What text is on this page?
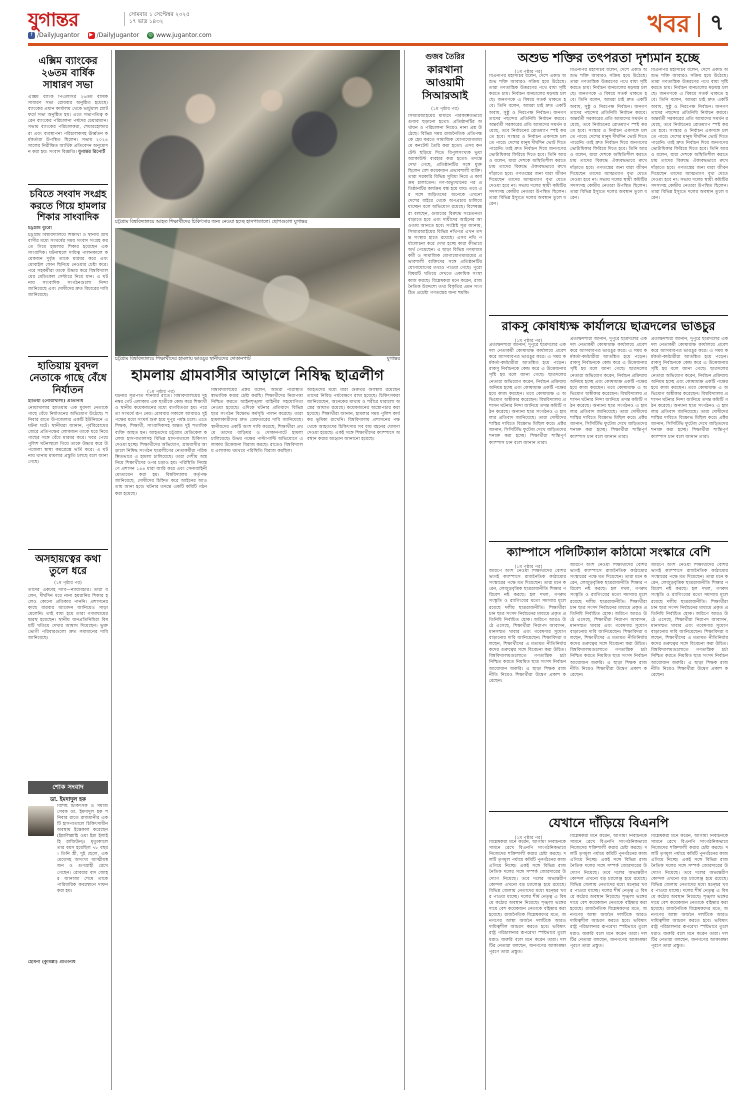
যুগান্তর	সোমবার ১ সেপ্টেম্বর ২০২৫
১৭ ভাদ্র ১৪৩২
f /DailyJugantor	▶ /DailyJugantor ◎ www.jugantor.com	খবর ৭
এক্সিম ব্যাংকের ২৬তম বার্ষিক সাধারণ সভা
এক্সিম ব্যাংক পিএলসির ২৬তম বার্ষিক সাধারণ সভা রোববার অনুষ্ঠিত হয়েছে। ব্যাংকের প্রধান কার্যালয় থেকে ভার্চুয়াল প্ল্যাটফর্মে সভা অনুষ্ঠিত হয়। এতে সভাপতিত্ব করেন ব্যাংকের পরিচালনা পর্ষদের চেয়ারম্যান। সভায় ব্যাংকের পরিচালকরা, শেয়ারহোল্ডাররা এবং ব্যবস্থাপনা পরিচালকসহ ঊর্ধ্বতন কর্মকর্তারা উপস্থিত ছিলেন। সভায় ২০২৪ সালের নিরীক্ষিত আর্থিক প্রতিবেদন অনুমোদন করা হয়। সংবাদ বিজ্ঞপ্তি। যুগান্তর রিপোর্ট
চবিতে সংবাদ সংগ্রহ করতে গিয়ে হামলার শিকার সাংবাদিক
চট্টগ্রাম ব্যুরো
চট্টগ্রাম বিশ্ববিদ্যালয়ে শিক্ষার্থী ও স্থানীয় গ্রামবাসীর মধ্যে সংঘর্ষের সময় সংবাদ সংগ্রহ করতে গিয়ে হামলার শিকার হয়েছেন এক সাংবাদিক। ঘটনাস্থলে দায়িত্ব পালনকালে কয়েকজন দুর্বৃত্ত তাকে মারধর করে এবং মোবাইল ফোন ছিনিয়ে নেওয়ার চেষ্টা করে। পরে সহকর্মীরা তাকে উদ্ধার করে বিশ্ববিদ্যালয়ের মেডিকেল সেন্টারে নিয়ে যান। এ ঘটনায় সাংবাদিক সংগঠনগুলো নিন্দা জানিয়েছে এবং দোষীদের দ্রুত বিচারের দাবি জানিয়েছে।
হাতিয়ায় যুবদল নেতাকে গাছে বেঁধে নির্যাতন
হাতিয়া (নোয়াখালী) প্রতিনিধি
নোয়াখালীর হাতিয়ায় এক যুবদল নেতাকে গাছে বেঁধে নির্যাতনের অভিযোগ উঠেছে। শনিবার রাতে উপজেলার একটি ইউনিয়নে এ ঘটনা ঘটে। স্থানীয়রা জানান, পূর্ববিরোধের জেরে প্রতিপক্ষের লোকজন তাকে ধরে নিয়ে গাছের সঙ্গে বেঁধে মারধর করে। খবর পেয়ে পুলিশ ঘটনাস্থলে গিয়ে তাকে উদ্ধার করে উপজেলা স্বাস্থ্য কমপ্লেক্সে ভর্তি করে। এ ঘটনায় থানায় মামলার প্রস্তুতি চলছে বলে জানা গেছে।
অসহায়ত্বের কথা তুলে ধরে
(১ম পৃষ্ঠার পর)
তাদের একটাই দাবি—ন্যায়বিচার। তারা বলেন, দীর্ঘদিন ধরে নানা হয়রানির শিকার হলেও কোনো প্রতিকার পাননি। প্রশাসনের কাছে বারবার আবেদন জানিয়েও সাড়া মেলেনি। তাই বাধ্য হয়ে তারা গণমাধ্যমের দ্বারস্থ হয়েছেন। স্থানীয় জনপ্রতিনিধিরা বিষয়টি খতিয়ে দেখার আশ্বাস দিয়েছেন। ভুক্তভোগী পরিবারগুলো দ্রুত সমাধানের দাবি জানিয়েছে।
শোক সংবাদ
ডা. ইমদাদুল হক
বিশিষ্ট চিকিৎসক ও সমাজসেবক ডা. ইমদাদুল হক শনিবার রাতে রাজধানীর একটি হাসপাতালে চিকিৎসাধীন অবস্থায় ইন্তেকাল করেছেন (ইন্নালিল্লাহি ওয়া ইন্না ইলাইহি রাজিউন)। মৃত্যুকালে তার বয়স হয়েছিল ৭৮ বছর। তিনি স্ত্রী, দুই ছেলে, এক মেয়েসহ অসংখ্য আত্মীয়স্বজন ও গুণগ্রাহী রেখে গেছেন। রোববার বাদ জোহর জানাজা শেষে তাকে পারিবারিক কবরস্থানে দাফন করা হয়।
হোমনা (কুমিল্লা) প্রতিনিধি
চট্টগ্রাম বিশ্ববিদ্যালয়ে আহত শিক্ষার্থীদের চিকিৎসার জন্য নেওয়া হচ্ছে হাসপাতালে। ছোপগুলো যুগান্তর
চট্টগ্রাম বিশ্ববিদ্যালয়ে শিক্ষার্থীদের হামলায় ভাঙচুর স্থানীয়দের দোকানপাট	যুগান্তর
হামলায় গ্রামবাসীর আড়ালে নিষিদ্ধ ছাত্রলীগ
(১ম পৃষ্ঠার পর)
ঘটনার সূত্রপাত শনিবার রাতে। বিশ্ববিদ্যালয়ের দুই নম্বর গেট এলাকায় এক ছাত্রীকে কেন্দ্র করে শিক্ষার্থী ও স্থানীয় কয়েকজনের মধ্যে বাগবিতণ্ডা হয়। পরে তা সংঘর্ষে রূপ নেয়। রোববার সকালে আবারও দুই পক্ষের মধ্যে সংঘর্ষ শুরু হয়ে দুপুর পর্যন্ত চলে। এতে শিক্ষক, শিক্ষার্থী, সাংবাদিকসহ অন্তত দুই শতাধিক ব্যক্তি আহত হন। আহতদের চট্টগ্রাম মেডিকেল কলেজ হাসপাতালসহ বিভিন্ন হাসপাতালে চিকিৎসা দেওয়া হচ্ছে। শিক্ষার্থীদের অভিযোগ, গ্রামবাসীর আড়ালে নিষিদ্ধ সংগঠন ছাত্রলীগের নেতাকর্মীরা পরিকল্পিতভাবে এ হামলা চালিয়েছে। তারা দেশীয় অস্ত্র নিয়ে শিক্ষার্থীদের ওপর চড়াও হয়। পরিস্থিতি নিয়ন্ত্রণে প্রশাসন ১৪৪ ধারা জারি করে এবং সেনাবাহিনী মোতায়েন করা হয়। বিশ্ববিদ্যালয় কর্তৃপক্ষ জানিয়েছে, দোষীদের চিহ্নিত করে আইনের আওতায় আনা হবে। ঘটনার তদন্তে একটি কমিটি গঠন করা হয়েছে।
বিশ্ববিদ্যালয়ের প্রক্টর বলেন, আমরা পরিস্থিতি স্বাভাবিক করার চেষ্টা করছি। শিক্ষার্থীদের নিরাপত্তা নিশ্চিত করতে আইনশৃঙ্খলা বাহিনীর সহযোগিতা নেওয়া হয়েছে। এদিকে ঘটনার প্রতিবাদে বিভিন্ন ছাত্র সংগঠন বিক্ষোভ কর্মসূচি পালন করেছে। তারা হামলাকারীদের দ্রুত গ্রেফতারের দাবি জানিয়েছে। স্থানীয়দের একটি অংশ দাবি করেছে, শিক্ষার্থীরা প্রথমে তাদের বাড়িঘর ও দোকানপাটে হামলা চালিয়েছে। উভয় পক্ষের পাল্টাপাল্টি অভিযোগে এলাকায় উত্তেজনা বিরাজ করছে। রাতেও বিশ্ববিদ্যালয় এলাকায় থমথমে পরিস্থিতি বিরাজ করছিল।
আহতদের মধ্যে যারা গুরুতর অবস্থায় রয়েছেন তাদের নিবিড় পর্যবেক্ষণে রাখা হয়েছে। চিকিৎসকরা জানিয়েছেন, অনেকের মাথায় ও শরীরে ধারালো অস্ত্রের আঘাত রয়েছে। কয়েকজনের অস্ত্রোপচার করা হয়েছে। শিক্ষার্থীরা জানান, হামলার সময় পুলিশ কার্যকর ভূমিকা রাখেনি। বিশ্ববিদ্যালয় প্রশাসনের পক্ষ থেকে আহতদের চিকিৎসার সব ব্যয় বহনের ঘোষণা দেওয়া হয়েছে। একই সঙ্গে শিক্ষার্থীদের ক্যাম্পাসে অবস্থান করার আহ্বান জানানো হয়েছে।
গুজব তৈরির
কারখানা আওয়ামী সিআরআই
(১ম পৃষ্ঠার পর)
সিআরআইয়ের মাধ্যমে পরিকল্পিতভাবে গুজব ছড়ানো হতো। প্রতিষ্ঠানটির অর্থায়ন ও পরিচালনা নিয়েও নানা প্রশ্ন উঠেছে। বিভিন্ন সময় রাজনৈতিক প্রতিপক্ষকে হেয় করতে সামাজিক যোগাযোগমাধ্যমে কনটেন্ট তৈরি করা হতো। এসব কনটেন্ট ছড়িয়ে দিতে বিপুলসংখ্যক ভুয়া অ্যাকাউন্ট ব্যবহার করা হতো। তদন্তে দেখা গেছে, প্রতিষ্ঠানটির সঙ্গে যুক্ত ছিলেন বেশ কয়েকজন প্রভাবশালী ব্যক্তি। তারা সরকারি বিভিন্ন সুবিধা নিয়ে এ কার্যক্রম চালাতেন। গণ-অভ্যুত্থানের পর প্রতিষ্ঠানটির কার্যক্রম বন্ধ হয়ে যায়। তবে এর সঙ্গে জড়িতদের অনেকে এখনো দেশের বাইরে থেকে অপপ্রচার চালিয়ে যাচ্ছেন বলে অভিযোগ রয়েছে। বিশেষজ্ঞরা বলছেন, গুজবের বিরুদ্ধে সচেতনতা বাড়াতে হবে এবং দায়ীদের আইনের আওতায় আনতে হবে। সংশ্লিষ্ট সূত্র জানায়, সিআরআইয়ের বিভিন্ন নথিপত্র এখন তদন্ত সংস্থার হাতে রয়েছে। এসব নথি পর্যালোচনা করে দেখা হচ্ছে কারা কীভাবে অর্থ পেয়েছেন। এ ছাড়া বিভিন্ন গণমাধ্যমকর্মী ও সামাজিক যোগাযোগমাধ্যমের প্রভাবশালী ব্যক্তিদের সঙ্গে প্রতিষ্ঠানটির যোগাযোগের তথ্যও পাওয়া গেছে। পুরো বিষয়টি খতিয়ে দেখতে একাধিক সংস্থা কাজ করছে। বিশ্লেষকরা মনে করেন, রাজনৈতিক উদ্দেশ্যে তথ্য বিকৃতির এমন সংগঠিত প্রচেষ্টা গণতন্ত্রের জন্য হুমকি।
অশুভ শক্তির তৎপরতা দৃশ্যমান হচ্ছে
(১ম পৃষ্ঠার পর)
বিএনপির মহাসচিব বলেন, দেশে একটি অশুভ শক্তি আবারও সক্রিয় হয়ে উঠেছে। তারা গণতান্ত্রিক উত্তরণের পথে বাধা সৃষ্টি করতে চায়। নির্বাচন বানচালের ষড়যন্ত্র চলছে। জনগণকে এ বিষয়ে সতর্ক থাকতে হবে। তিনি বলেন, আমরা চাই দ্রুত একটি অবাধ, সুষ্ঠু ও নিরপেক্ষ নির্বাচন। জনগণ তাদের পছন্দের প্রতিনিধি নির্বাচন করবে। অন্তর্বর্তী সরকারের প্রতি আমাদের সমর্থন রয়েছে, তবে নির্বাচনের রোডম্যাপ স্পষ্ট করতে হবে। সংস্কার ও নির্বাচন একসঙ্গে চলতে পারে। দেশের মানুষ দীর্ঘদিন ভোট দিতে পারেনি। তাই দ্রুত নির্বাচন দিয়ে জনগণের ভোটাধিকার ফিরিয়ে দিতে হবে। তিনি আরও বলেন, যারা দেশকে অস্থিতিশীল করতে চায় তাদের বিরুদ্ধে ঐক্যবদ্ধভাবে রুখে দাঁড়াতে হবে। গণতন্ত্রের জন্য যারা জীবন দিয়েছেন তাদের আত্মত্যাগ বৃথা যেতে দেওয়া হবে না। সভায় দলের স্থায়ী কমিটির সদস্যসহ কেন্দ্রীয় নেতারা উপস্থিত ছিলেন। তারা বিভিন্ন ইস্যুতে দলের অবস্থান তুলে ধরেন।
বিএনপির মহাসচিব বলেন, দেশে একটি অশুভ শক্তি আবারও সক্রিয় হয়ে উঠেছে। তারা গণতান্ত্রিক উত্তরণের পথে বাধা সৃষ্টি করতে চায়। নির্বাচন বানচালের ষড়যন্ত্র চলছে। জনগণকে এ বিষয়ে সতর্ক থাকতে হবে। তিনি বলেন, আমরা চাই দ্রুত একটি অবাধ, সুষ্ঠু ও নিরপেক্ষ নির্বাচন। জনগণ তাদের পছন্দের প্রতিনিধি নির্বাচন করবে। অন্তর্বর্তী সরকারের প্রতি আমাদের সমর্থন রয়েছে, তবে নির্বাচনের রোডম্যাপ স্পষ্ট করতে হবে। সংস্কার ও নির্বাচন একসঙ্গে চলতে পারে। দেশের মানুষ দীর্ঘদিন ভোট দিতে পারেনি। তাই দ্রুত নির্বাচন দিয়ে জনগণের ভোটাধিকার ফিরিয়ে দিতে হবে। তিনি আরও বলেন, যারা দেশকে অস্থিতিশীল করতে চায় তাদের বিরুদ্ধে ঐক্যবদ্ধভাবে রুখে দাঁড়াতে হবে। গণতন্ত্রের জন্য যারা জীবন দিয়েছেন তাদের আত্মত্যাগ বৃথা যেতে দেওয়া হবে না। সভায় দলের স্থায়ী কমিটির সদস্যসহ কেন্দ্রীয় নেতারা উপস্থিত ছিলেন। তারা বিভিন্ন ইস্যুতে দলের অবস্থান তুলে ধরেন।
বিএনপির মহাসচিব বলেন, দেশে একটি অশুভ শক্তি আবারও সক্রিয় হয়ে উঠেছে। তারা গণতান্ত্রিক উত্তরণের পথে বাধা সৃষ্টি করতে চায়। নির্বাচন বানচালের ষড়যন্ত্র চলছে। জনগণকে এ বিষয়ে সতর্ক থাকতে হবে। তিনি বলেন, আমরা চাই দ্রুত একটি অবাধ, সুষ্ঠু ও নিরপেক্ষ নির্বাচন। জনগণ তাদের পছন্দের প্রতিনিধি নির্বাচন করবে। অন্তর্বর্তী সরকারের প্রতি আমাদের সমর্থন রয়েছে, তবে নির্বাচনের রোডম্যাপ স্পষ্ট করতে হবে। সংস্কার ও নির্বাচন একসঙ্গে চলতে পারে। দেশের মানুষ দীর্ঘদিন ভোট দিতে পারেনি। তাই দ্রুত নির্বাচন দিয়ে জনগণের ভোটাধিকার ফিরিয়ে দিতে হবে। তিনি আরও বলেন, যারা দেশকে অস্থিতিশীল করতে চায় তাদের বিরুদ্ধে ঐক্যবদ্ধভাবে রুখে দাঁড়াতে হবে। গণতন্ত্রের জন্য যারা জীবন দিয়েছেন তাদের আত্মত্যাগ বৃথা যেতে দেওয়া হবে না। সভায় দলের স্থায়ী কমিটির সদস্যসহ কেন্দ্রীয় নেতারা উপস্থিত ছিলেন। তারা বিভিন্ন ইস্যুতে দলের অবস্থান তুলে ধরেন।
রাকসু কোষাধ্যক্ষ কার্যালয়ে ছাত্রদলের ভাঙচুর
(১ম পৃষ্ঠার পর)
প্রত্যক্ষদর্শীরা জানান, দুপুরে ছাত্রদলের একদল নেতাকর্মী কোষাধ্যক্ষ কার্যালয়ে প্রবেশ করে আসবাবপত্র ভাঙচুর করে। এ সময় কর্মকর্তা-কর্মচারীরা আতঙ্কিত হয়ে পড়েন। রাকসু নির্বাচনকে কেন্দ্র করে এ উত্তেজনার সৃষ্টি হয় বলে জানা গেছে। ছাত্রদলের নেতারা অভিযোগ করেন, নির্বাচন প্রক্রিয়ায় অনিয়ম হচ্ছে এবং কোষাধ্যক্ষ একটি পক্ষের হয়ে কাজ করছেন। তবে কোষাধ্যক্ষ এ অভিযোগ অস্বীকার করেছেন। বিশ্ববিদ্যালয় প্রশাসন ঘটনার নিন্দা জানিয়ে তদন্ত কমিটি গঠন করেছে। অন্যান্য ছাত্র সংগঠনও এ হামলার প্রতিবাদ জানিয়েছে। তারা দোষীদের শাস্তির দাবিতে বিক্ষোভ মিছিল করে। প্রক্টর জানান, সিসিটিভি ফুটেজ দেখে জড়িতদের শনাক্ত করা হচ্ছে। শিক্ষার্থীরা শান্তিপূর্ণ ক্যাম্পাস চান বলে জানান তারা।
প্রত্যক্ষদর্শীরা জানান, দুপুরে ছাত্রদলের একদল নেতাকর্মী কোষাধ্যক্ষ কার্যালয়ে প্রবেশ করে আসবাবপত্র ভাঙচুর করে। এ সময় কর্মকর্তা-কর্মচারীরা আতঙ্কিত হয়ে পড়েন। রাকসু নির্বাচনকে কেন্দ্র করে এ উত্তেজনার সৃষ্টি হয় বলে জানা গেছে। ছাত্রদলের নেতারা অভিযোগ করেন, নির্বাচন প্রক্রিয়ায় অনিয়ম হচ্ছে এবং কোষাধ্যক্ষ একটি পক্ষের হয়ে কাজ করছেন। তবে কোষাধ্যক্ষ এ অভিযোগ অস্বীকার করেছেন। বিশ্ববিদ্যালয় প্রশাসন ঘটনার নিন্দা জানিয়ে তদন্ত কমিটি গঠন করেছে। অন্যান্য ছাত্র সংগঠনও এ হামলার প্রতিবাদ জানিয়েছে। তারা দোষীদের শাস্তির দাবিতে বিক্ষোভ মিছিল করে। প্রক্টর জানান, সিসিটিভি ফুটেজ দেখে জড়িতদের শনাক্ত করা হচ্ছে। শিক্ষার্থীরা শান্তিপূর্ণ ক্যাম্পাস চান বলে জানান তারা।
প্রত্যক্ষদর্শীরা জানান, দুপুরে ছাত্রদলের একদল নেতাকর্মী কোষাধ্যক্ষ কার্যালয়ে প্রবেশ করে আসবাবপত্র ভাঙচুর করে। এ সময় কর্মকর্তা-কর্মচারীরা আতঙ্কিত হয়ে পড়েন। রাকসু নির্বাচনকে কেন্দ্র করে এ উত্তেজনার সৃষ্টি হয় বলে জানা গেছে। ছাত্রদলের নেতারা অভিযোগ করেন, নির্বাচন প্রক্রিয়ায় অনিয়ম হচ্ছে এবং কোষাধ্যক্ষ একটি পক্ষের হয়ে কাজ করছেন। তবে কোষাধ্যক্ষ এ অভিযোগ অস্বীকার করেছেন। বিশ্ববিদ্যালয় প্রশাসন ঘটনার নিন্দা জানিয়ে তদন্ত কমিটি গঠন করেছে। অন্যান্য ছাত্র সংগঠনও এ হামলার প্রতিবাদ জানিয়েছে। তারা দোষীদের শাস্তির দাবিতে বিক্ষোভ মিছিল করে। প্রক্টর জানান, সিসিটিভি ফুটেজ দেখে জড়িতদের শনাক্ত করা হচ্ছে। শিক্ষার্থীরা শান্তিপূর্ণ ক্যাম্পাস চান বলে জানান তারা।
ক্যাম্পাসে পলিটিক্যাল কাঠামো সংস্কারে বেশি
(১ম পৃষ্ঠার পর)
জরিপে অংশ নেওয়া শিক্ষার্থীদের বেশির ভাগই ক্যাম্পাসে রাজনৈতিক কাঠামোর সংস্কারের পক্ষে মত দিয়েছেন। তারা মনে করেন, লেজুড়বৃত্তিক ছাত্ররাজনীতি শিক্ষার পরিবেশ নষ্ট করছে। হল দখল, গণরুম সংস্কৃতি ও র‍্যাগিংয়ের মতো সমস্যার মূলে রয়েছে দলীয় ছাত্ররাজনীতি। শিক্ষার্থীরা চান ছাত্র সংসদ নির্বাচনের মাধ্যমে প্রকৃত প্রতিনিধি নির্বাচিত হোক। জরিপে আরও উঠে এসেছে, শিক্ষার্থীরা নিরাপদ আবাসন, মানসম্মত খাবার এবং গবেষণার সুযোগ বাড়ানোর দাবি জানিয়েছেন। শিক্ষাবিদরা বলছেন, শিক্ষার্থীদের এ মতামত নীতিনির্ধারকদের গুরুত্বের সঙ্গে বিবেচনা করা উচিত। বিশ্ববিদ্যালয়গুলোতে গণতান্ত্রিক চর্চা নিশ্চিত করতে নিয়মিত ছাত্র সংসদ নির্বাচন আয়োজন জরুরি। এ ছাড়া শিক্ষক রাজনীতি নিয়েও শিক্ষার্থীরা উদ্বেগ প্রকাশ করেছেন।
জরিপে অংশ নেওয়া শিক্ষার্থীদের বেশির ভাগই ক্যাম্পাসে রাজনৈতিক কাঠামোর সংস্কারের পক্ষে মত দিয়েছেন। তারা মনে করেন, লেজুড়বৃত্তিক ছাত্ররাজনীতি শিক্ষার পরিবেশ নষ্ট করছে। হল দখল, গণরুম সংস্কৃতি ও র‍্যাগিংয়ের মতো সমস্যার মূলে রয়েছে দলীয় ছাত্ররাজনীতি। শিক্ষার্থীরা চান ছাত্র সংসদ নির্বাচনের মাধ্যমে প্রকৃত প্রতিনিধি নির্বাচিত হোক। জরিপে আরও উঠে এসেছে, শিক্ষার্থীরা নিরাপদ আবাসন, মানসম্মত খাবার এবং গবেষণার সুযোগ বাড়ানোর দাবি জানিয়েছেন। শিক্ষাবিদরা বলছেন, শিক্ষার্থীদের এ মতামত নীতিনির্ধারকদের গুরুত্বের সঙ্গে বিবেচনা করা উচিত। বিশ্ববিদ্যালয়গুলোতে গণতান্ত্রিক চর্চা নিশ্চিত করতে নিয়মিত ছাত্র সংসদ নির্বাচন আয়োজন জরুরি। এ ছাড়া শিক্ষক রাজনীতি নিয়েও শিক্ষার্থীরা উদ্বেগ প্রকাশ করেছেন।
জরিপে অংশ নেওয়া শিক্ষার্থীদের বেশির ভাগই ক্যাম্পাসে রাজনৈতিক কাঠামোর সংস্কারের পক্ষে মত দিয়েছেন। তারা মনে করেন, লেজুড়বৃত্তিক ছাত্ররাজনীতি শিক্ষার পরিবেশ নষ্ট করছে। হল দখল, গণরুম সংস্কৃতি ও র‍্যাগিংয়ের মতো সমস্যার মূলে রয়েছে দলীয় ছাত্ররাজনীতি। শিক্ষার্থীরা চান ছাত্র সংসদ নির্বাচনের মাধ্যমে প্রকৃত প্রতিনিধি নির্বাচিত হোক। জরিপে আরও উঠে এসেছে, শিক্ষার্থীরা নিরাপদ আবাসন, মানসম্মত খাবার এবং গবেষণার সুযোগ বাড়ানোর দাবি জানিয়েছেন। শিক্ষাবিদরা বলছেন, শিক্ষার্থীদের এ মতামত নীতিনির্ধারকদের গুরুত্বের সঙ্গে বিবেচনা করা উচিত। বিশ্ববিদ্যালয়গুলোতে গণতান্ত্রিক চর্চা নিশ্চিত করতে নিয়মিত ছাত্র সংসদ নির্বাচন আয়োজন জরুরি। এ ছাড়া শিক্ষক রাজনীতি নিয়েও শিক্ষার্থীরা উদ্বেগ প্রকাশ করেছেন।
যেখানে দাঁড়িয়ে বিএনপি
(১ম পৃষ্ঠার পর)
বিশ্লেষকরা মনে করেন, আগামী নির্বাচনকে সামনে রেখে বিএনপি সাংগঠনিকভাবে নিজেদের শক্তিশালী করার চেষ্টা করছে। দলটি তৃণমূল পর্যায়ে কমিটি পুনর্গঠনের কাজ এগিয়ে নিচ্ছে। একই সঙ্গে বিভিন্ন রাজনৈতিক দলের সঙ্গে সম্পর্ক জোরদারের উদ্যোগ নিয়েছে। তবে দলের অভ্যন্তরীণ কোন্দল এখনো বড় চ্যালেঞ্জ হয়ে রয়েছে। বিভিন্ন জেলায় নেতাদের মধ্যে দ্বন্দ্বের খবর পাওয়া যাচ্ছে। দলের শীর্ষ নেতৃত্ব এ বিষয়ে কঠোর অবস্থান নিয়েছে। শৃঙ্খলা ভঙ্গের দায়ে বেশ কয়েকজন নেতাকে বহিষ্কার করা হয়েছে। রাজনৈতিক বিশ্লেষকদের মতে, জনগণের আস্থা অর্জনে দলটিকে আরও দায়িত্বশীল আচরণ করতে হবে। ভবিষ্যৎ রাষ্ট্র পরিচালনার রূপরেখা স্পষ্টভাবে তুলে ধরাও জরুরি বলে মনে করেন তারা। দলটির নেতারা বলছেন, জনগণের আকাঙ্ক্ষা পূরণে তারা প্রস্তুত।
বিশ্লেষকরা মনে করেন, আগামী নির্বাচনকে সামনে রেখে বিএনপি সাংগঠনিকভাবে নিজেদের শক্তিশালী করার চেষ্টা করছে। দলটি তৃণমূল পর্যায়ে কমিটি পুনর্গঠনের কাজ এগিয়ে নিচ্ছে। একই সঙ্গে বিভিন্ন রাজনৈতিক দলের সঙ্গে সম্পর্ক জোরদারের উদ্যোগ নিয়েছে। তবে দলের অভ্যন্তরীণ কোন্দল এখনো বড় চ্যালেঞ্জ হয়ে রয়েছে। বিভিন্ন জেলায় নেতাদের মধ্যে দ্বন্দ্বের খবর পাওয়া যাচ্ছে। দলের শীর্ষ নেতৃত্ব এ বিষয়ে কঠোর অবস্থান নিয়েছে। শৃঙ্খলা ভঙ্গের দায়ে বেশ কয়েকজন নেতাকে বহিষ্কার করা হয়েছে। রাজনৈতিক বিশ্লেষকদের মতে, জনগণের আস্থা অর্জনে দলটিকে আরও দায়িত্বশীল আচরণ করতে হবে। ভবিষ্যৎ রাষ্ট্র পরিচালনার রূপরেখা স্পষ্টভাবে তুলে ধরাও জরুরি বলে মনে করেন তারা। দলটির নেতারা বলছেন, জনগণের আকাঙ্ক্ষা পূরণে তারা প্রস্তুত।
বিশ্লেষকরা মনে করেন, আগামী নির্বাচনকে সামনে রেখে বিএনপি সাংগঠনিকভাবে নিজেদের শক্তিশালী করার চেষ্টা করছে। দলটি তৃণমূল পর্যায়ে কমিটি পুনর্গঠনের কাজ এগিয়ে নিচ্ছে। একই সঙ্গে বিভিন্ন রাজনৈতিক দলের সঙ্গে সম্পর্ক জোরদারের উদ্যোগ নিয়েছে। তবে দলের অভ্যন্তরীণ কোন্দল এখনো বড় চ্যালেঞ্জ হয়ে রয়েছে। বিভিন্ন জেলায় নেতাদের মধ্যে দ্বন্দ্বের খবর পাওয়া যাচ্ছে। দলের শীর্ষ নেতৃত্ব এ বিষয়ে কঠোর অবস্থান নিয়েছে। শৃঙ্খলা ভঙ্গের দায়ে বেশ কয়েকজন নেতাকে বহিষ্কার করা হয়েছে। রাজনৈতিক বিশ্লেষকদের মতে, জনগণের আস্থা অর্জনে দলটিকে আরও দায়িত্বশীল আচরণ করতে হবে। ভবিষ্যৎ রাষ্ট্র পরিচালনার রূপরেখা স্পষ্টভাবে তুলে ধরাও জরুরি বলে মনে করেন তারা। দলটির নেতারা বলছেন, জনগণের আকাঙ্ক্ষা পূরণে তারা প্রস্তুত।
